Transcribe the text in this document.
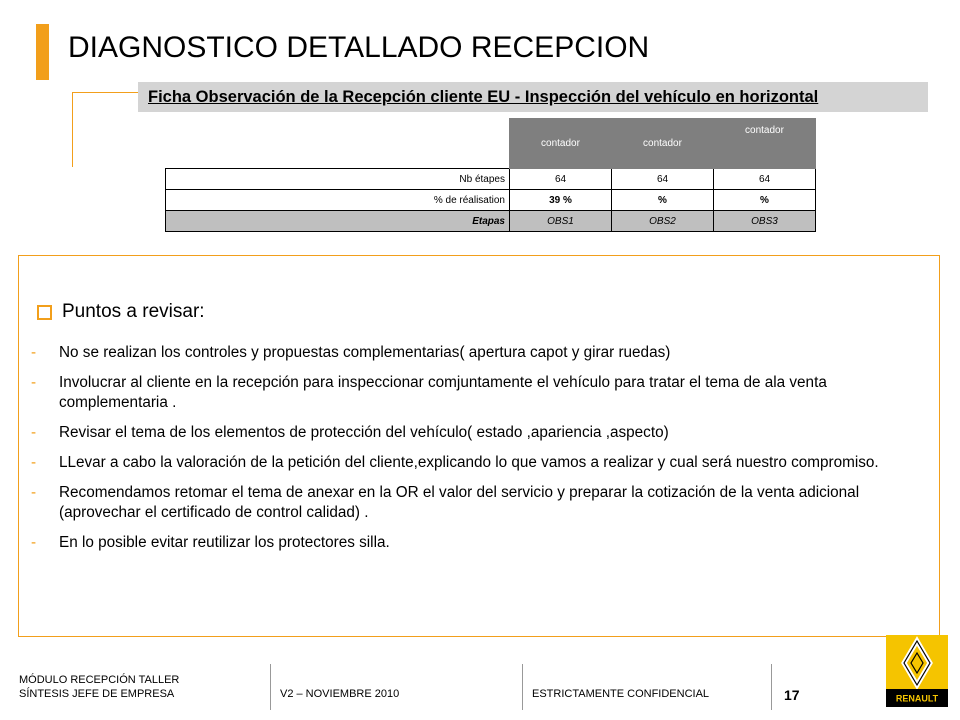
DIAGNOSTICO DETALLADO RECEPCION
Ficha Observación de la Recepción cliente EU - Inspección del vehículo en horizontal
	contador	contador	contador
Nb étapes	64	64	64
% de réalisation	39 %	%	%
Etapas	OBS1	OBS2	OBS3
Puntos a revisar:
-	No se realizan los controles y propuestas complementarias( apertura capot y girar ruedas)
-	Involucrar al cliente en la recepción para inspeccionar comjuntamente el vehículo para tratar el tema de ala venta complementaria .
-	Revisar el tema de los elementos de protección del vehículo( estado ,apariencia ,aspecto)
-	LLevar a cabo la valoración de la petición del cliente,explicando lo que vamos a realizar y cual será nuestro compromiso.
-	Recomendamos retomar el tema de anexar en la OR el valor del servicio y preparar la cotización de la venta adicional (aprovechar el certificado de control calidad) .
-	En lo posible evitar reutilizar los protectores silla.
MÓDULO RECEPCIÓN TALLER
SÍNTESIS JEFE DE EMPRESA	V2 – NOVIEMBRE 2010	ESTRICTAMENTE CONFIDENCIAL	17	RENAULT
